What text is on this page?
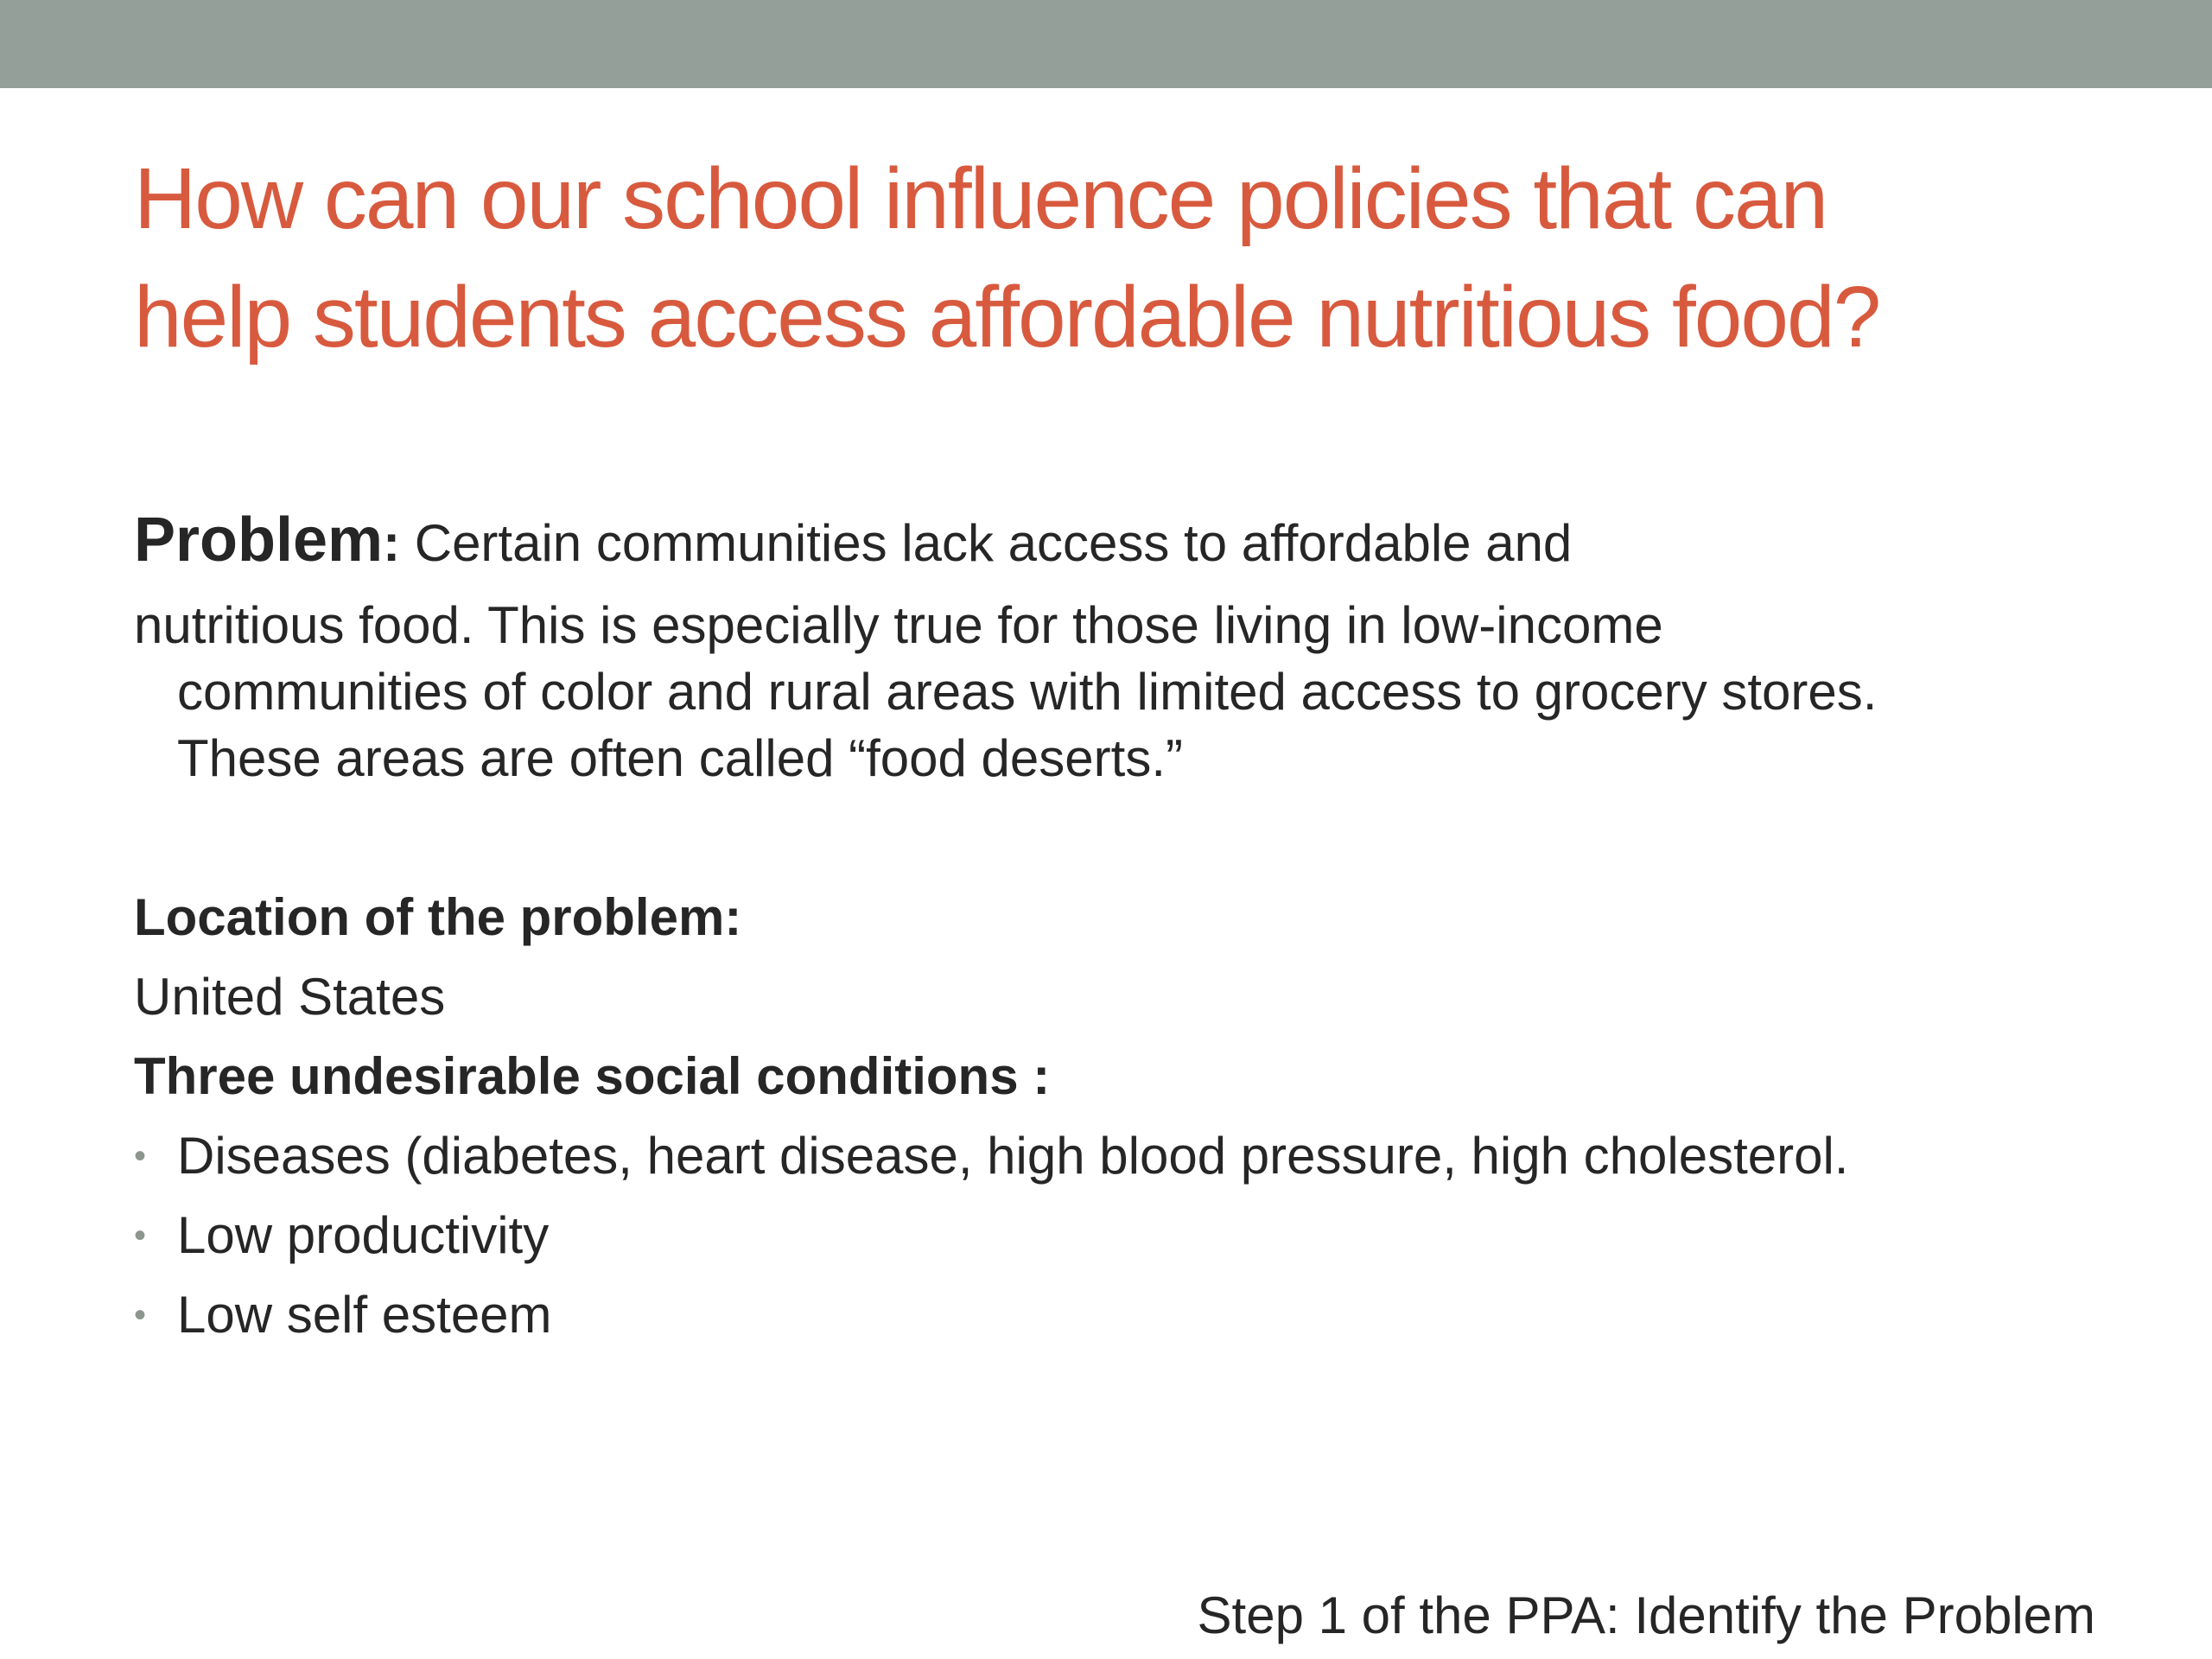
How can our school influence policies that can
help students access affordable nutritious food?

Problem: Certain communities lack access to affordable and

nutritious food. This is especially true for those living in low-income

communities of color and rural areas with limited access to grocery stores.

These areas are often called “food deserts.”

Location of the problem:

United States

Three undesirable social conditions :

• Diseases (diabetes, heart disease, high blood pressure, high cholesterol.
• Low productivity
• Low self esteem
Step 1 of the PPA: Identify the Problem
